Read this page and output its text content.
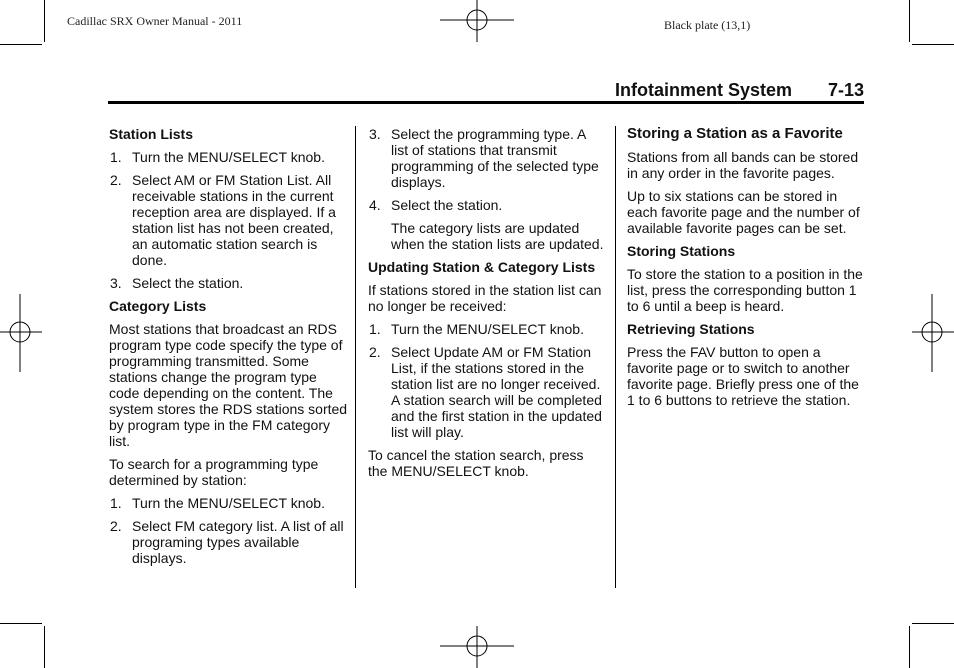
Cadillac SRX Owner Manual - 2011	Black plate (13,1)
Infotainment System 7-13
Station Lists
1. Turn the MENU/SELECT knob.
2. Select AM or FM Station List. All receivable stations in the current reception area are displayed. If a station list has not been created, an automatic station search is done.
3. Select the station.
Category Lists

Most stations that broadcast an RDS program type code specify the type of programming transmitted. Some stations change the program type code depending on the content. The system stores the RDS stations sorted by program type in the FM category list.

To search for a programming type determined by station:

1. Turn the MENU/SELECT knob.
2. Select FM category list. A list of all programing types available displays.
3. Select the programming type. A list of stations that transmit programming of the selected type displays.
4. Select the station.

The category lists are updated when the station lists are updated.

Updating Station & Category Lists

If stations stored in the station list can no longer be received:

1. Turn the MENU/SELECT knob.
2. Select Update AM or FM Station List, if the stations stored in the station list are no longer received. A station search will be completed and the first station in the updated list will play.

To cancel the station search, press the MENU/SELECT knob.

Storing a Station as a Favorite

Stations from all bands can be stored in any order in the favorite pages.

Up to six stations can be stored in each favorite page and the number of available favorite pages can be set.

Storing Stations

To store the station to a position in the list, press the corresponding button 1 to 6 until a beep is heard.

Retrieving Stations

Press the FAV button to open a favorite page or to switch to another favorite page. Briefly press one of the 1 to 6 buttons to retrieve the station.
